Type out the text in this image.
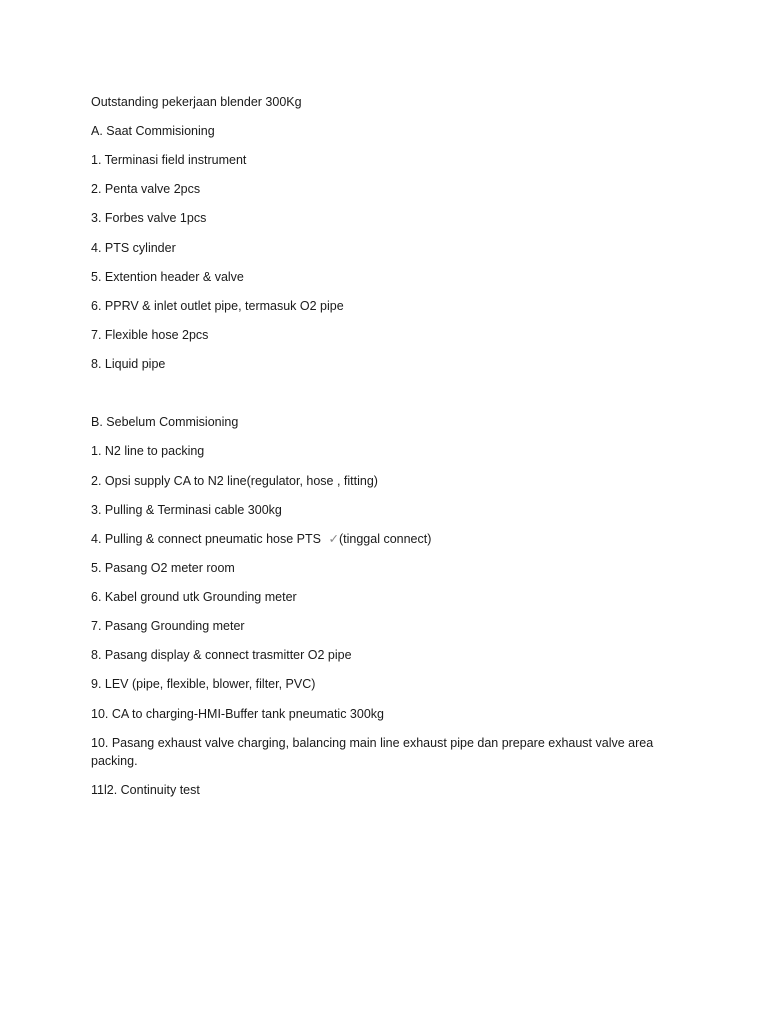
Outstanding pekerjaan blender 300Kg
A. Saat Commisioning
1. Terminasi field instrument
2. Penta valve 2pcs
3. Forbes valve 1pcs
4. PTS cylinder
5. Extention header & valve
6. PPRV & inlet outlet pipe, termasuk O2 pipe
7. Flexible hose 2pcs
8. Liquid pipe
B. Sebelum Commisioning
1. N2 line to packing
2. Opsi supply CA to N2 line(regulator, hose , fitting)
3. Pulling & Terminasi cable 300kg
4. Pulling & connect pneumatic hose PTS ✓(tinggal connect)
5. Pasang O2 meter room
6. Kabel ground utk Grounding meter
7. Pasang Grounding meter
8. Pasang display & connect trasmitter O2 pipe
9. LEV (pipe, flexible, blower, filter, PVC)
10. CA to charging-HMI-Buffer tank pneumatic 300kg
10. Pasang exhaust valve charging, balancing main line exhaust pipe dan prepare exhaust valve area packing.
11l2. Continuity test
